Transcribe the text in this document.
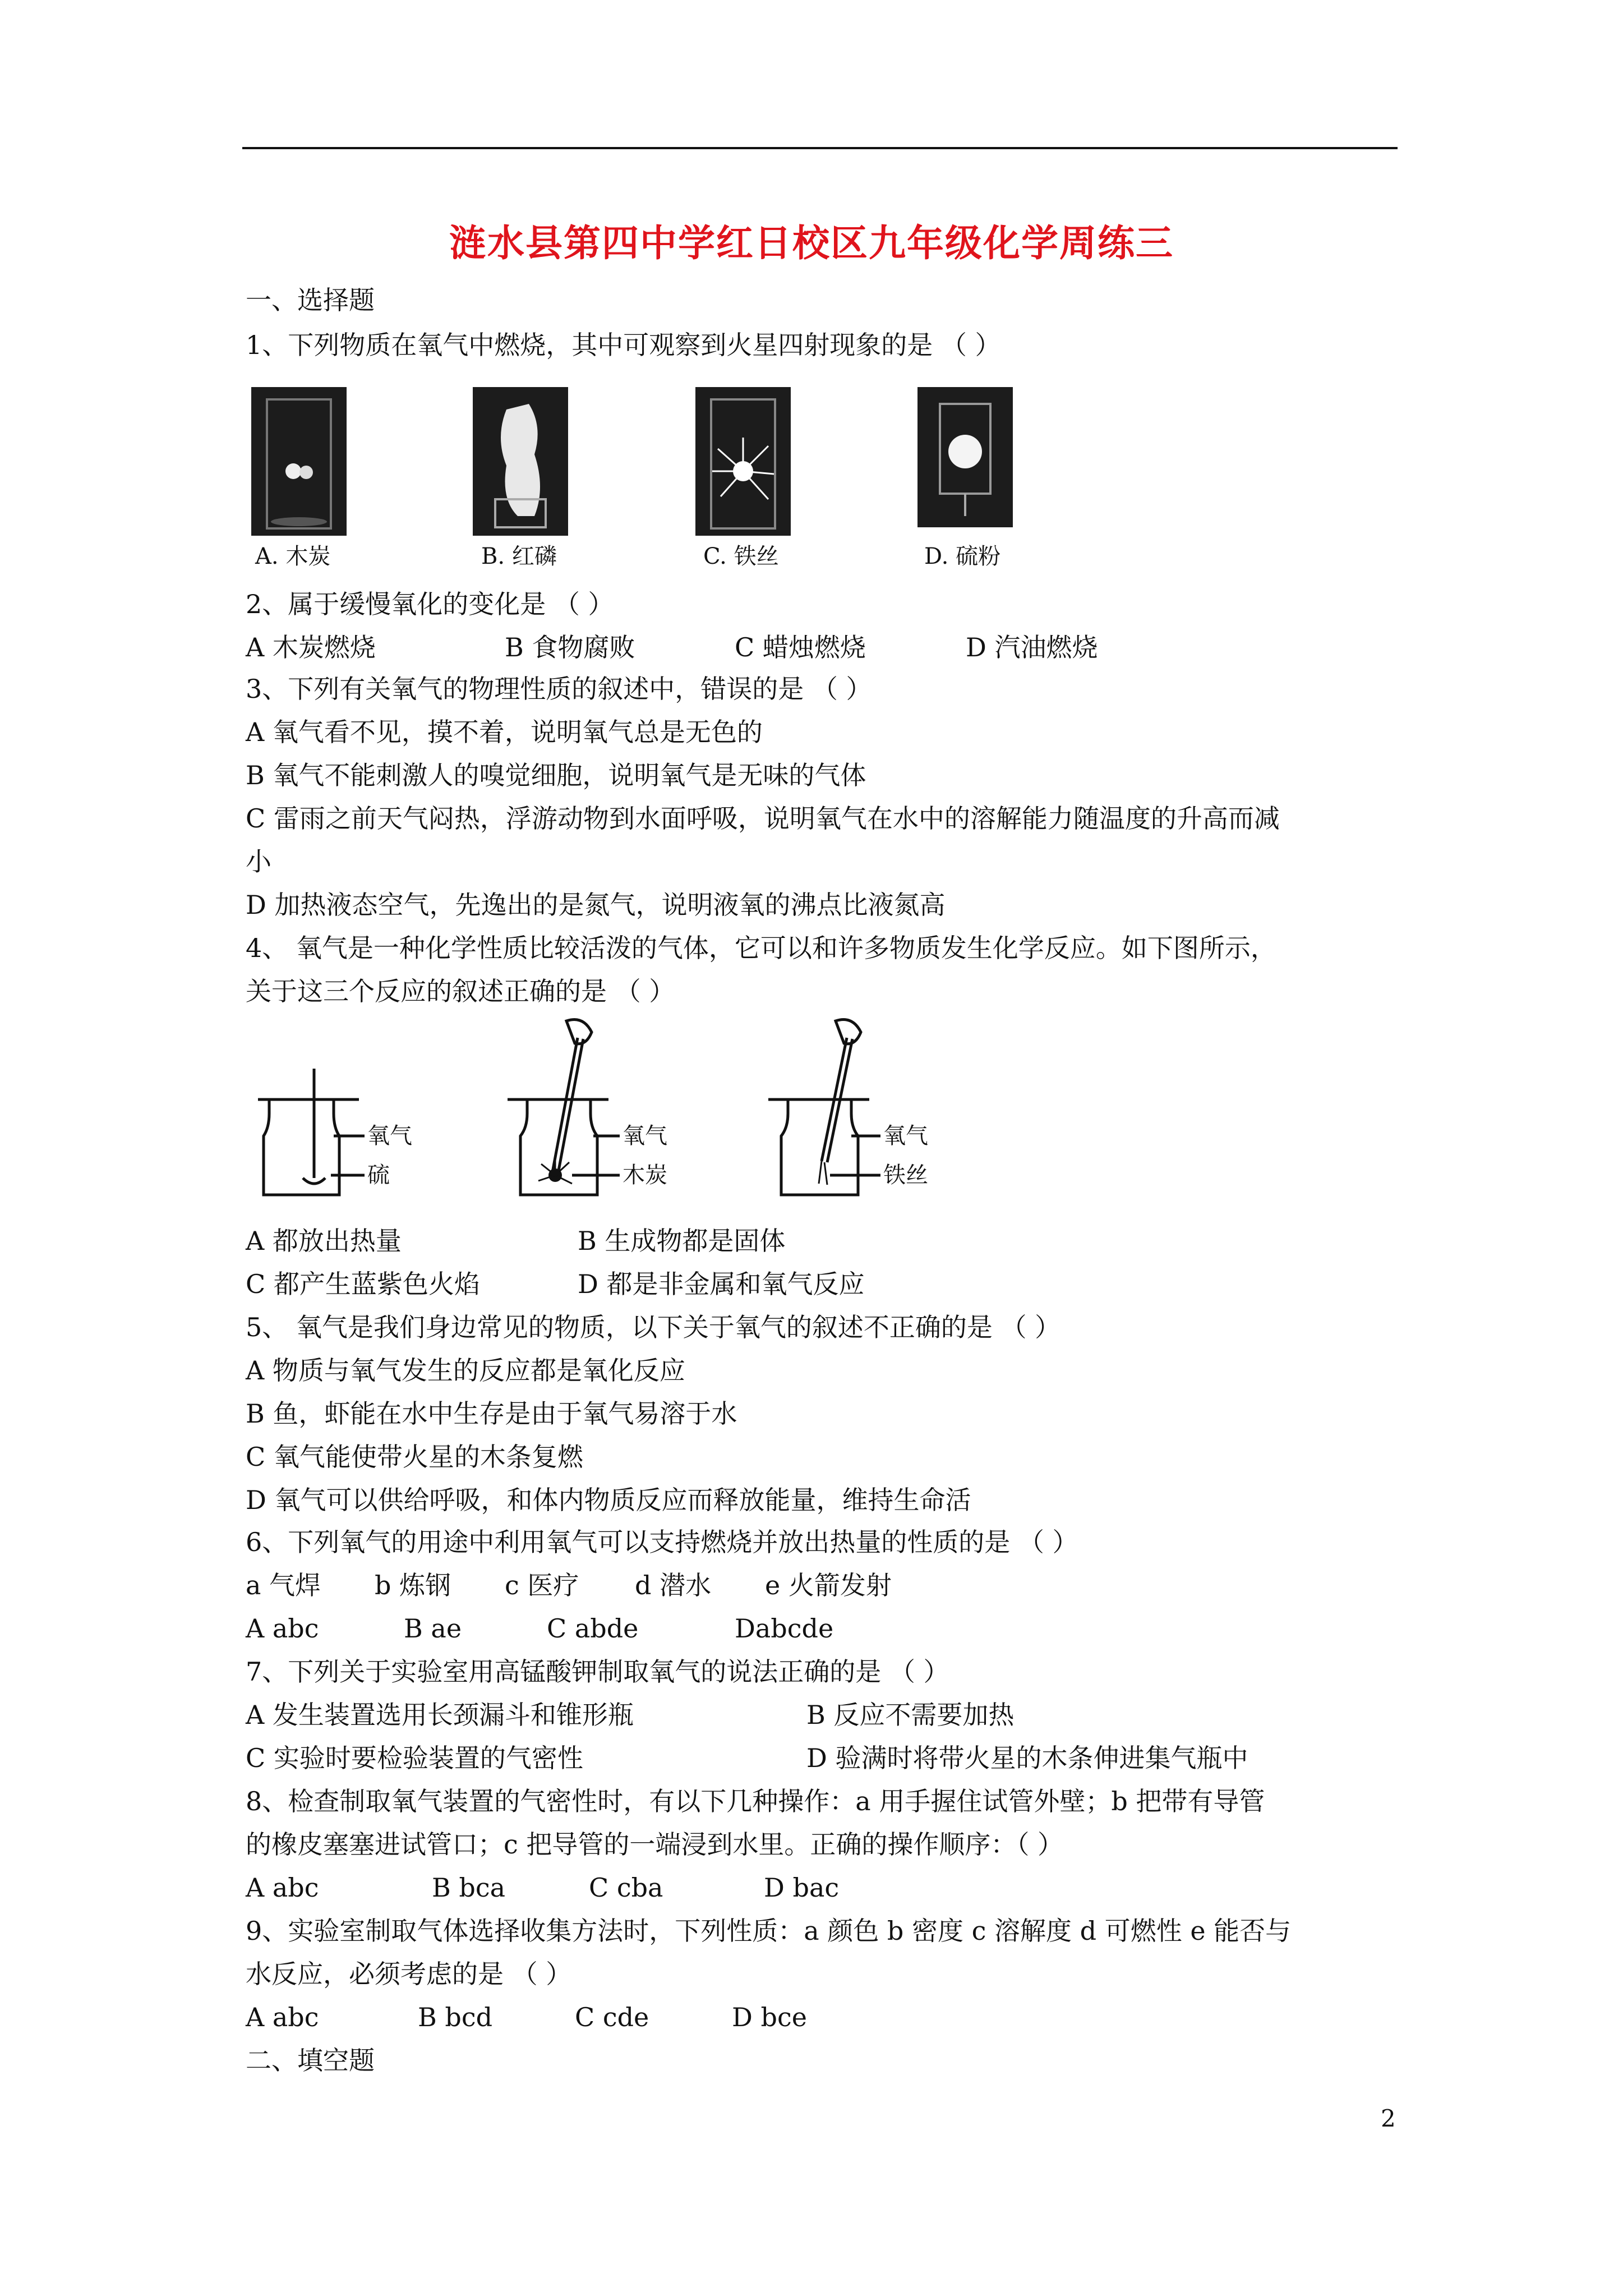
涟水县第四中学红日校区九年级化学周练三
一、选择题
1、下列物质在氧气中燃烧，其中可观察到火星四射现象的是 （ ）
A. 木炭	B. 红磷	C. 铁丝	D. 硫粉
2、属于缓慢氧化的变化是 （ ）
A 木炭燃烧	B 食物腐败	C 蜡烛燃烧	D 汽油燃烧
3、下列有关氧气的物理性质的叙述中，错误的是 （ ）
A 氧气看不见，摸不着，说明氧气总是无色的
B 氧气不能刺激人的嗅觉细胞，说明氧气是无味的气体
C 雷雨之前天气闷热，浮游动物到水面呼吸，说明氧气在水中的溶解能力随温度的升高而减
小
D 加热液态空气，先逸出的是氮气，说明液氧的沸点比液氮高
4、 氧气是一种化学性质比较活泼的气体，它可以和许多物质发生化学反应。如下图所示，
关于这三个反应的叙述正确的是 （ ）
氧气
硫
氧气
木炭
氧气
铁丝
A 都放出热量	B 生成物都是固体
C 都产生蓝紫色火焰	D 都是非金属和氧气反应
5、 氧气是我们身边常见的物质，以下关于氧气的叙述不正确的是 （ ）
A 物质与氧气发生的反应都是氧化反应
B 鱼，虾能在水中生存是由于氧气易溶于水
C 氧气能使带火星的木条复燃
D 氧气可以供给呼吸，和体内物质反应而释放能量，维持生命活
6、下列氧气的用途中利用氧气可以支持燃烧并放出热量的性质的是 （ ）
a 气焊 b 炼钢 c 医疗 d 潜水 e 火箭发射
A abc	B ae	C abde	Dabcde
7、下列关于实验室用高锰酸钾制取氧气的说法正确的是 （ ）
A 发生装置选用长颈漏斗和锥形瓶	B 反应不需要加热
C 实验时要检验装置的气密性	D 验满时将带火星的木条伸进集气瓶中
8、检查制取氧气装置的气密性时，有以下几种操作：a 用手握住试管外壁；b 把带有导管
的橡皮塞塞进试管口；c 把导管的一端浸到水里。正确的操作顺序：（ ）
A abc	B bca	C cba	D bac
9、实验室制取气体选择收集方法时，下列性质：a 颜色 b 密度 c 溶解度 d 可燃性 e 能否与
水反应，必须考虑的是 （ ）
A abc	B bcd	C cde	D bce
二、填空题
2
